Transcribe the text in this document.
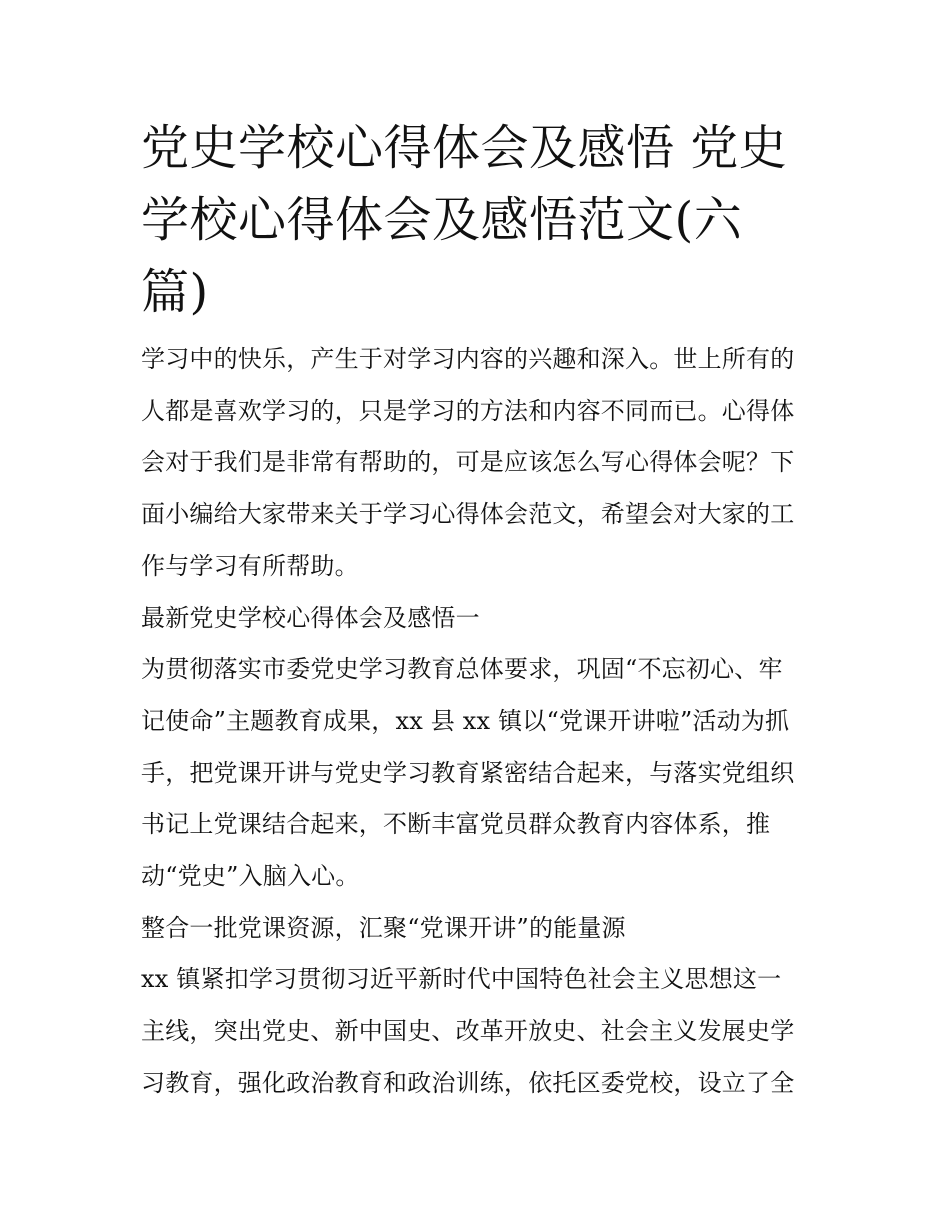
党史学校心得体会及感悟 党史
学校心得体会及感悟范文(六
篇)

学习中的快乐，产生于对学习内容的兴趣和深入。世上所有的
人都是喜欢学习的，只是学习的方法和内容不同而已。心得体
会对于我们是非常有帮助的，可是应该怎么写心得体会呢？下
面小编给大家带来关于学习心得体会范文，希望会对大家的工
作与学习有所帮助。

最新党史学校心得体会及感悟一

为贯彻落实市委党史学习教育总体要求，巩固“不忘初心、牢
记使命”主题教育成果，xx 县 xx 镇以“党课开讲啦”活动为抓
手，把党课开讲与党史学习教育紧密结合起来，与落实党组织
书记上党课结合起来，不断丰富党员群众教育内容体系，推
动“党史”入脑入心。

整合一批党课资源，汇聚“党课开讲”的能量源

xx 镇紧扣学习贯彻习近平新时代中国特色社会主义思想这一
主线，突出党史、新中国史、改革开放史、社会主义发展史学
习教育，强化政治教育和政治训练，依托区委党校，设立了全
